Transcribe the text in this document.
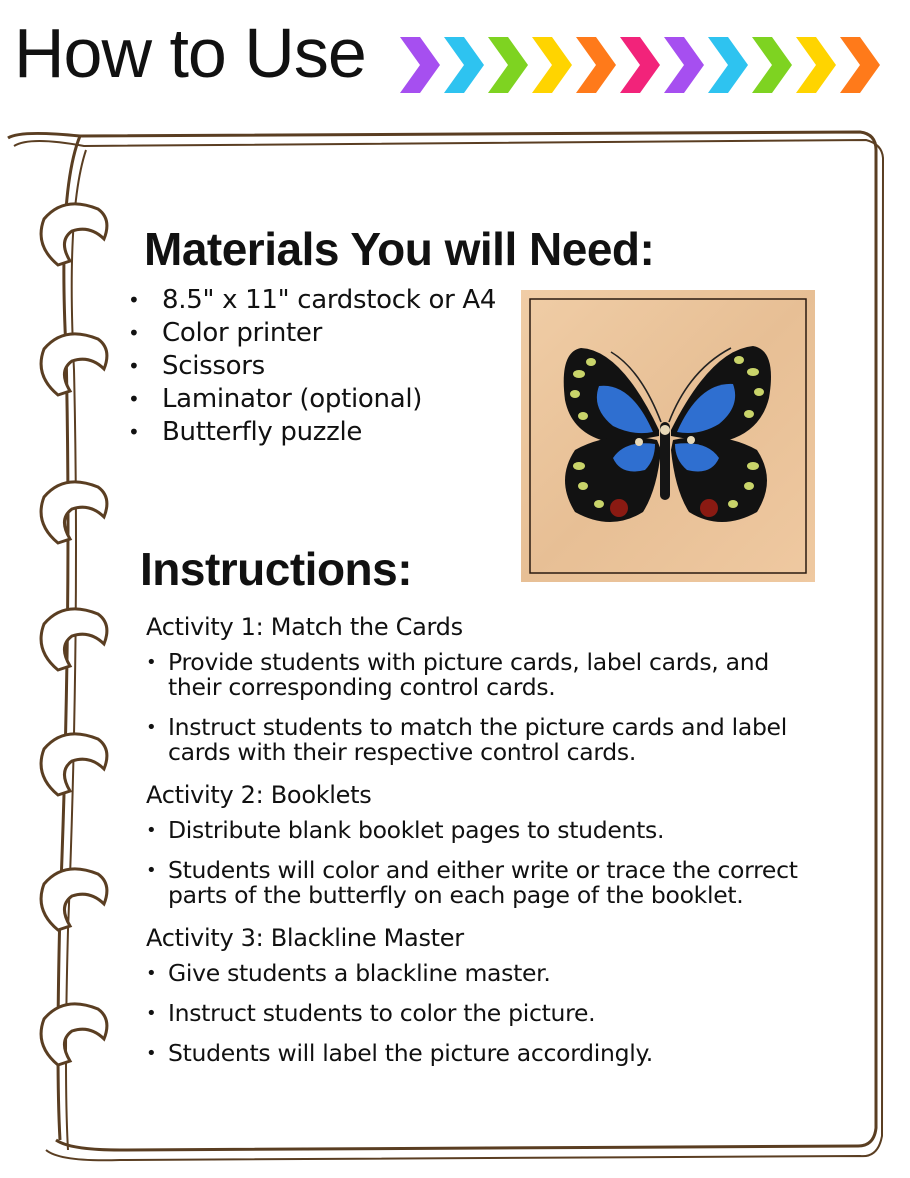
How to Use
Materials You will Need:
• 8.5" x 11" cardstock or A4
• Color printer
• Scissors
• Laminator (optional)
• Butterfly puzzle
Instructions:

Activity 1: Match the Cards

• Provide students with picture cards, label cards, and their corresponding control cards.
• Instruct students to match the picture cards and label cards with their respective control cards.

Activity 2: Booklets

• Distribute blank booklet pages to students.
• Students will color and either write or trace the correct parts of the butterfly on each page of the booklet.

Activity 3: Blackline Master

• Give students a blackline master.
• Instruct students to color the picture.
• Students will label the picture accordingly.
